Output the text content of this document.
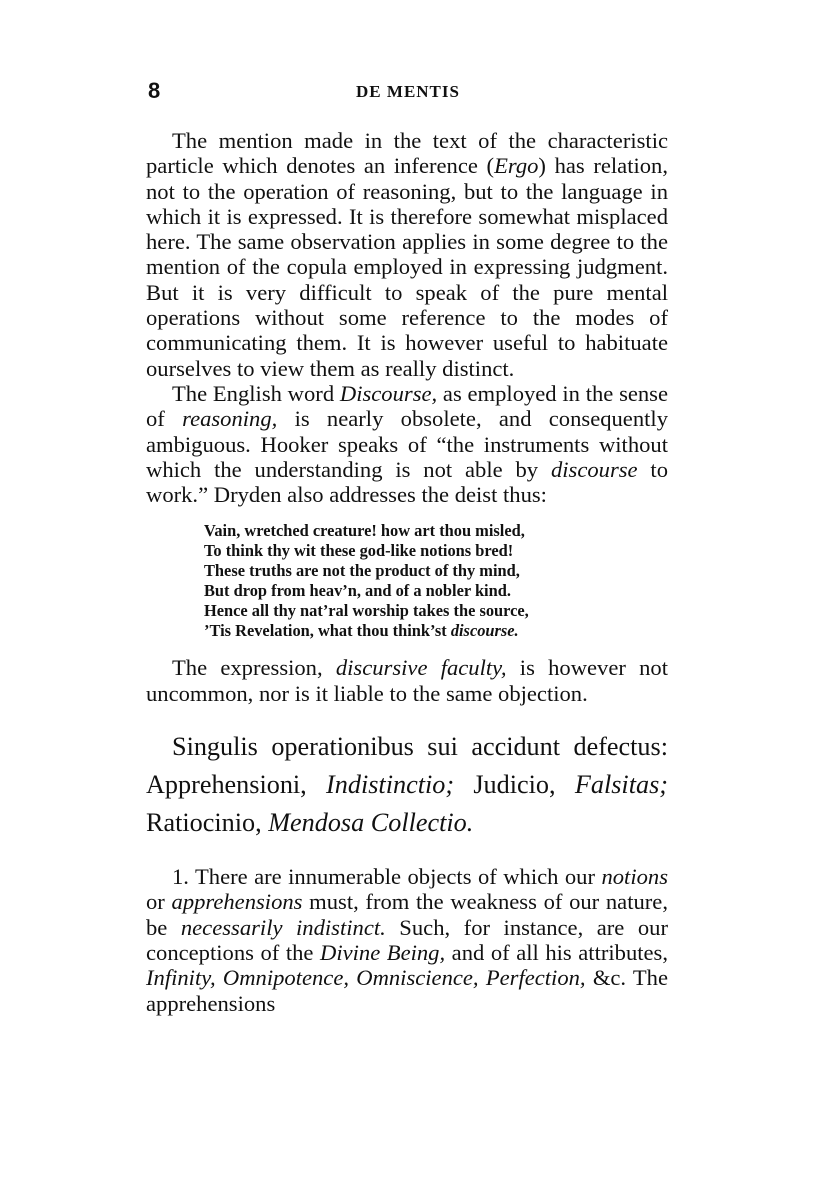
8	DE MENTIS

The mention made in the text of the characteristic particle which denotes an inference (Ergo) has relation, not to the operation of reasoning, but to the language in which it is expressed. It is therefore somewhat misplaced here. The same observation applies in some degree to the mention of the copula employed in expressing judgment. But it is very difficult to speak of the pure mental operations without some reference to the modes of communicating them. It is however useful to habituate ourselves to view them as really distinct.

The English word Discourse, as employed in the sense of reasoning, is nearly obsolete, and consequently ambiguous. Hooker speaks of “the instruments without which the understanding is not able by discourse to work.” Dryden also addresses the deist thus:

Vain, wretched creature! how art thou misled,
To think thy wit these god-like notions bred!
These truths are not the product of thy mind,
But drop from heav’n, and of a nobler kind.
Hence all thy nat’ral worship takes the source,
’Tis Revelation, what thou think’st discourse.

The expression, discursive faculty, is however not uncommon, nor is it liable to the same objection.

Singulis operationibus sui accidunt defectus: Apprehensioni, Indistinctio; Judicio, Falsitas; Ratiocinio, Mendosa Collectio.

1. There are innumerable objects of which our notions or apprehensions must, from the weakness of our nature, be necessarily indistinct. Such, for instance, are our conceptions of the Divine Being, and of all his attributes, Infinity, Omnipotence, Omniscience, Perfection, &c. The apprehensions
